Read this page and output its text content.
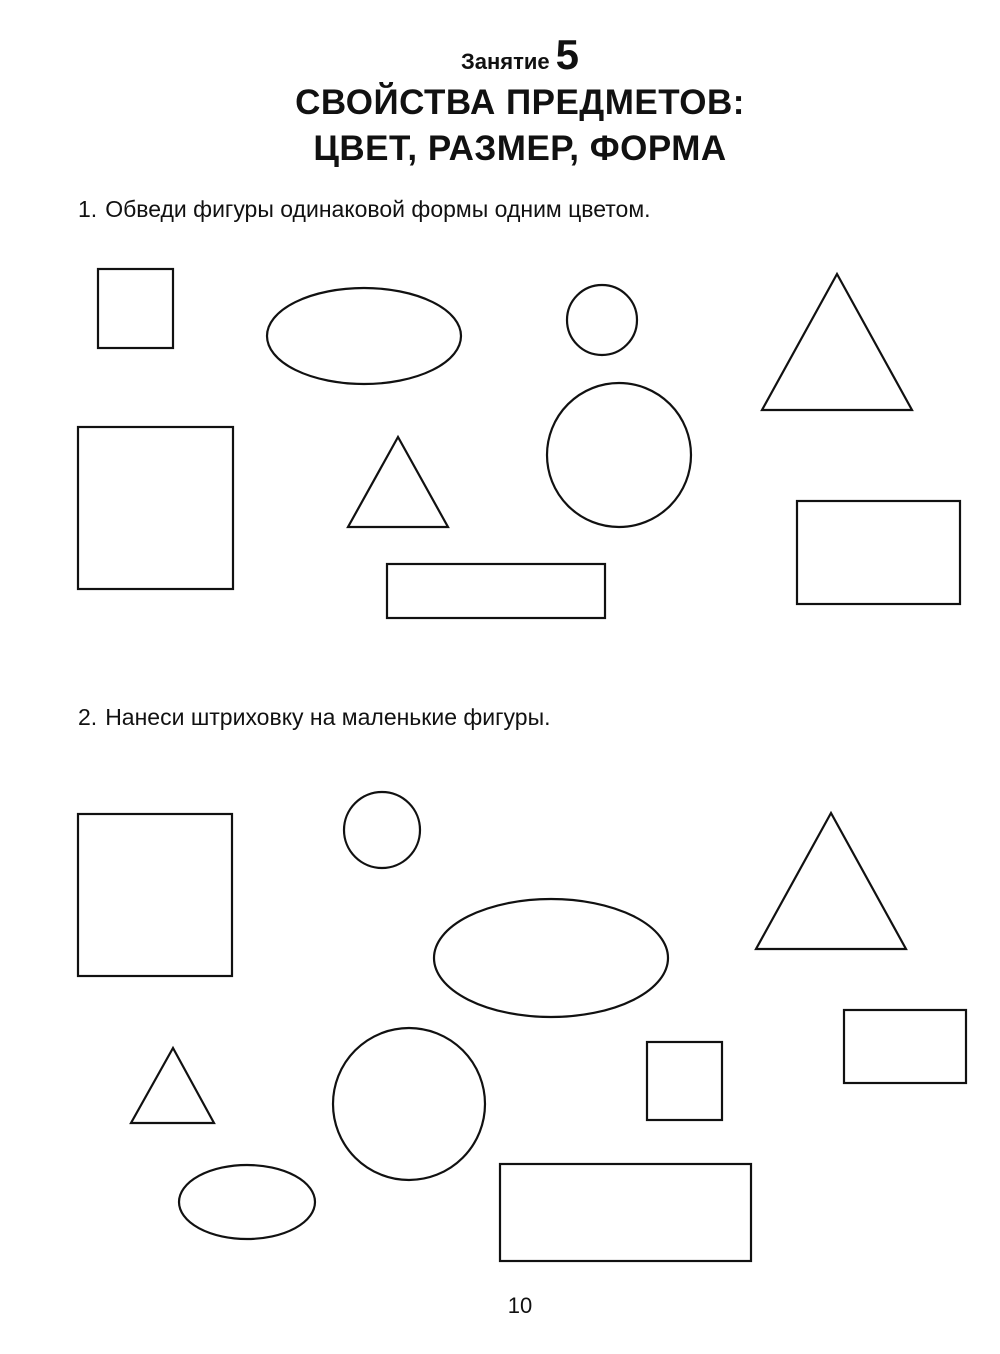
Занятие 5
СВОЙСТВА ПРЕДМЕТОВ:
ЦВЕТ, РАЗМЕР, ФОРМА
1. Обведи фигуры одинаковой формы одним цветом.
2. Нанеси штриховку на маленькие фигуры.
10
